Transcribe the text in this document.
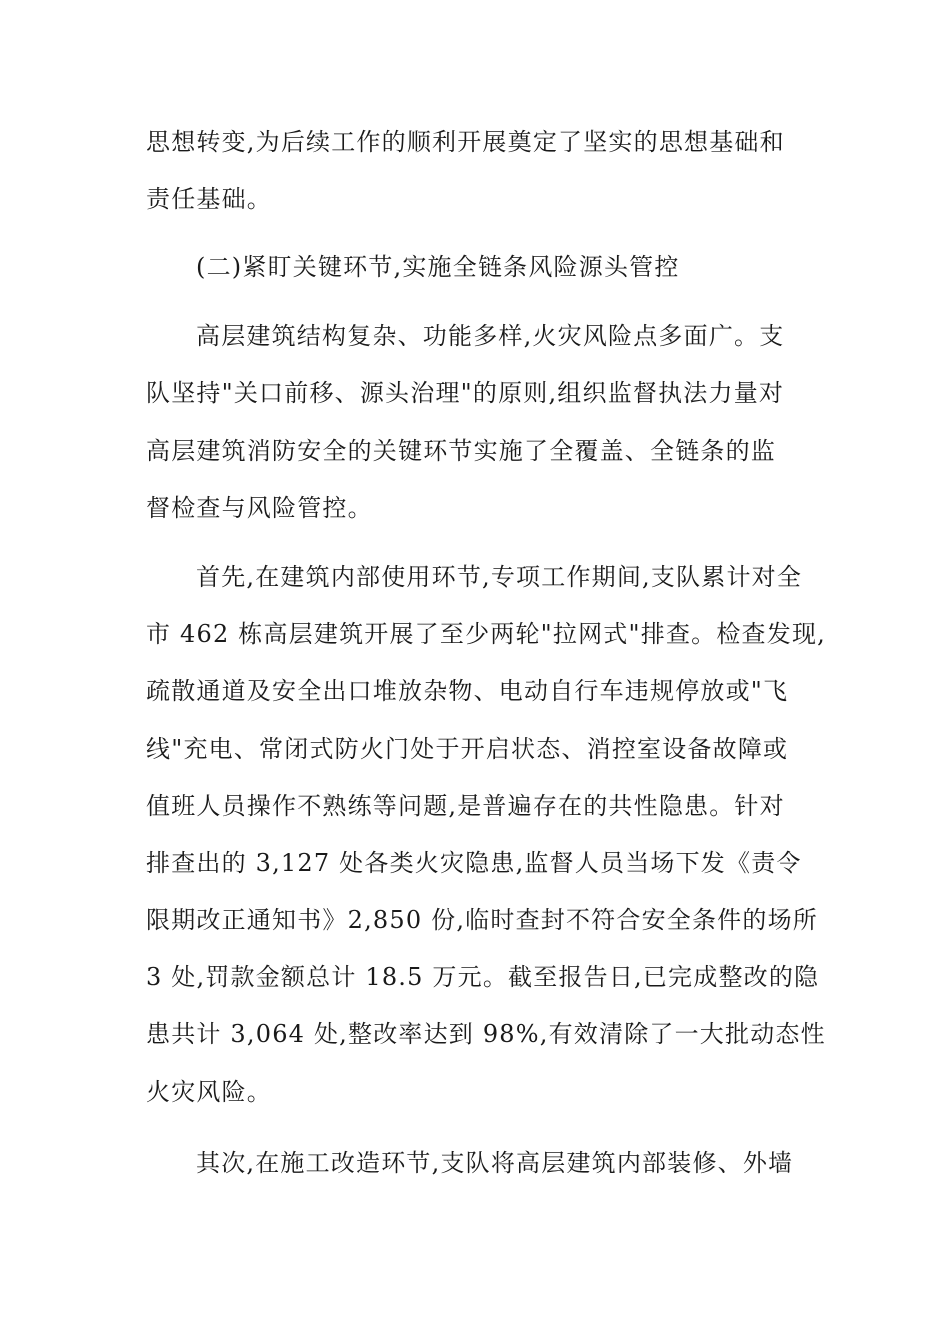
思想转变,为后续工作的顺利开展奠定了坚实的思想基础和
责任基础。
(二)紧盯关键环节,实施全链条风险源头管控
高层建筑结构复杂、功能多样,火灾风险点多面广。支
队坚持"关口前移、源头治理"的原则,组织监督执法力量对
高层建筑消防安全的关键环节实施了全覆盖、全链条的监
督检查与风险管控。
首先,在建筑内部使用环节,专项工作期间,支队累计对全
市 462 栋高层建筑开展了至少两轮"拉网式"排查。检查发现,
疏散通道及安全出口堆放杂物、电动自行车违规停放或"飞
线"充电、常闭式防火门处于开启状态、消控室设备故障或
值班人员操作不熟练等问题,是普遍存在的共性隐患。针对
排查出的 3,127 处各类火灾隐患,监督人员当场下发《责令
限期改正通知书》2,850 份,临时查封不符合安全条件的场所
3 处,罚款金额总计 18.5 万元。截至报告日,已完成整改的隐
患共计 3,064 处,整改率达到 98%,有效清除了一大批动态性
火灾风险。
其次,在施工改造环节,支队将高层建筑内部装修、外墙
